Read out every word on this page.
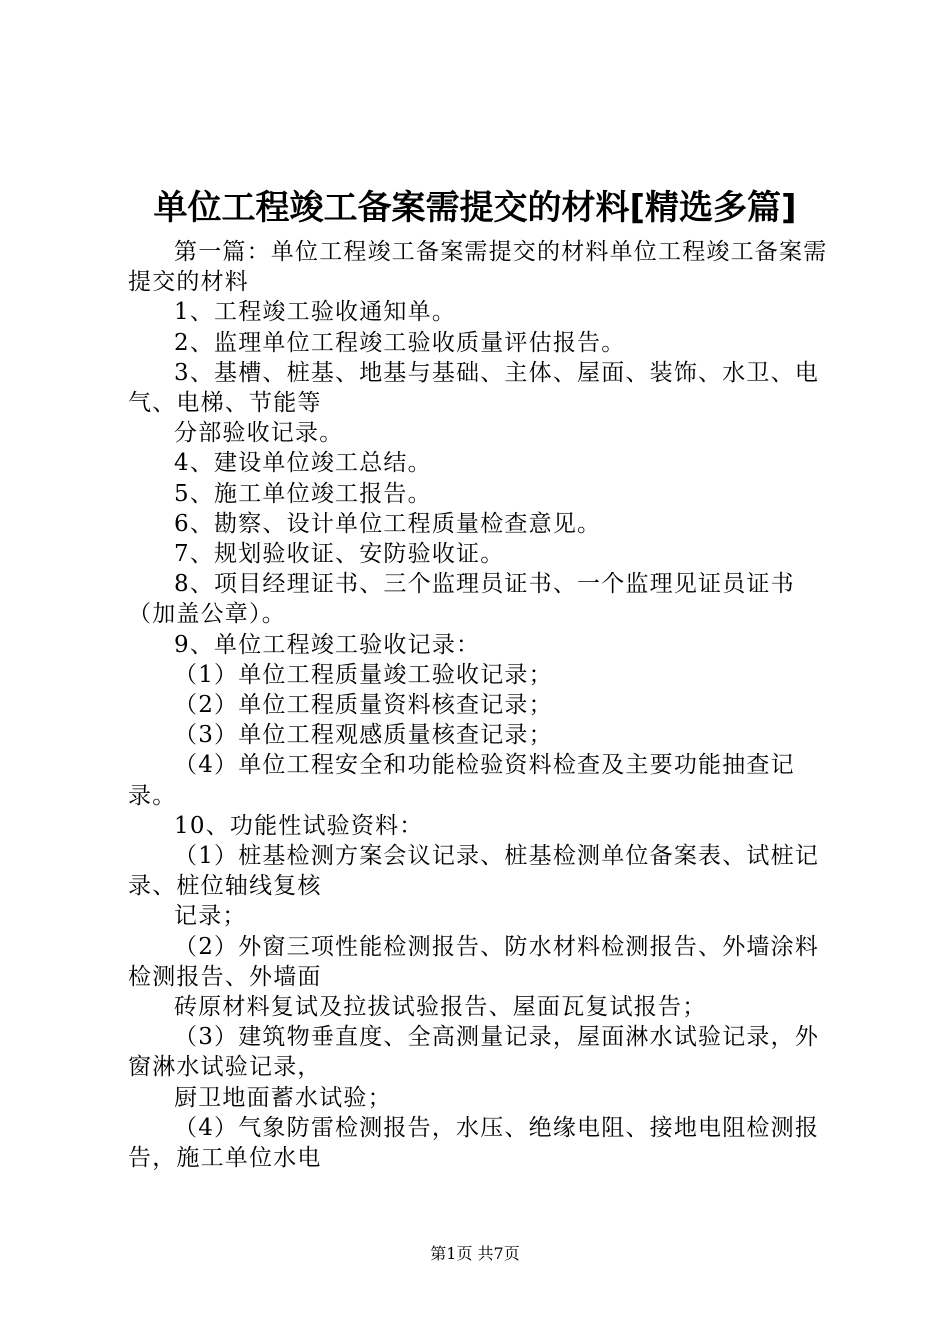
单位工程竣工备案需提交的材料[精选多篇]

第一篇：单位工程竣工备案需提交的材料单位工程竣工备案需提交的材料

1、工程竣工验收通知单。

2、监理单位工程竣工验收质量评估报告。

3、基槽、桩基、地基与基础、主体、屋面、装饰、水卫、电气、电梯、节能等

分部验收记录。

4、建设单位竣工总结。

5、施工单位竣工报告。

6、勘察、设计单位工程质量检查意见。

7、规划验收证、安防验收证。

8、项目经理证书、三个监理员证书、一个监理见证员证书（加盖公章）。

9、单位工程竣工验收记录：

（1）单位工程质量竣工验收记录；

（2）单位工程质量资料核查记录；

（3）单位工程观感质量核查记录；

（4）单位工程安全和功能检验资料检查及主要功能抽查记录。

10、功能性试验资料：

（1）桩基检测方案会议记录、桩基检测单位备案表、试桩记录、桩位轴线复核

记录；

（2）外窗三项性能检测报告、防水材料检测报告、外墙涂料检测报告、外墙面

砖原材料复试及拉拔试验报告、屋面瓦复试报告；

（3）建筑物垂直度、全高测量记录，屋面淋水试验记录，外窗淋水试验记录，

厨卫地面蓄水试验；

（4）气象防雷检测报告，水压、绝缘电阻、接地电阻检测报告，施工单位水电

第1页 共7页
